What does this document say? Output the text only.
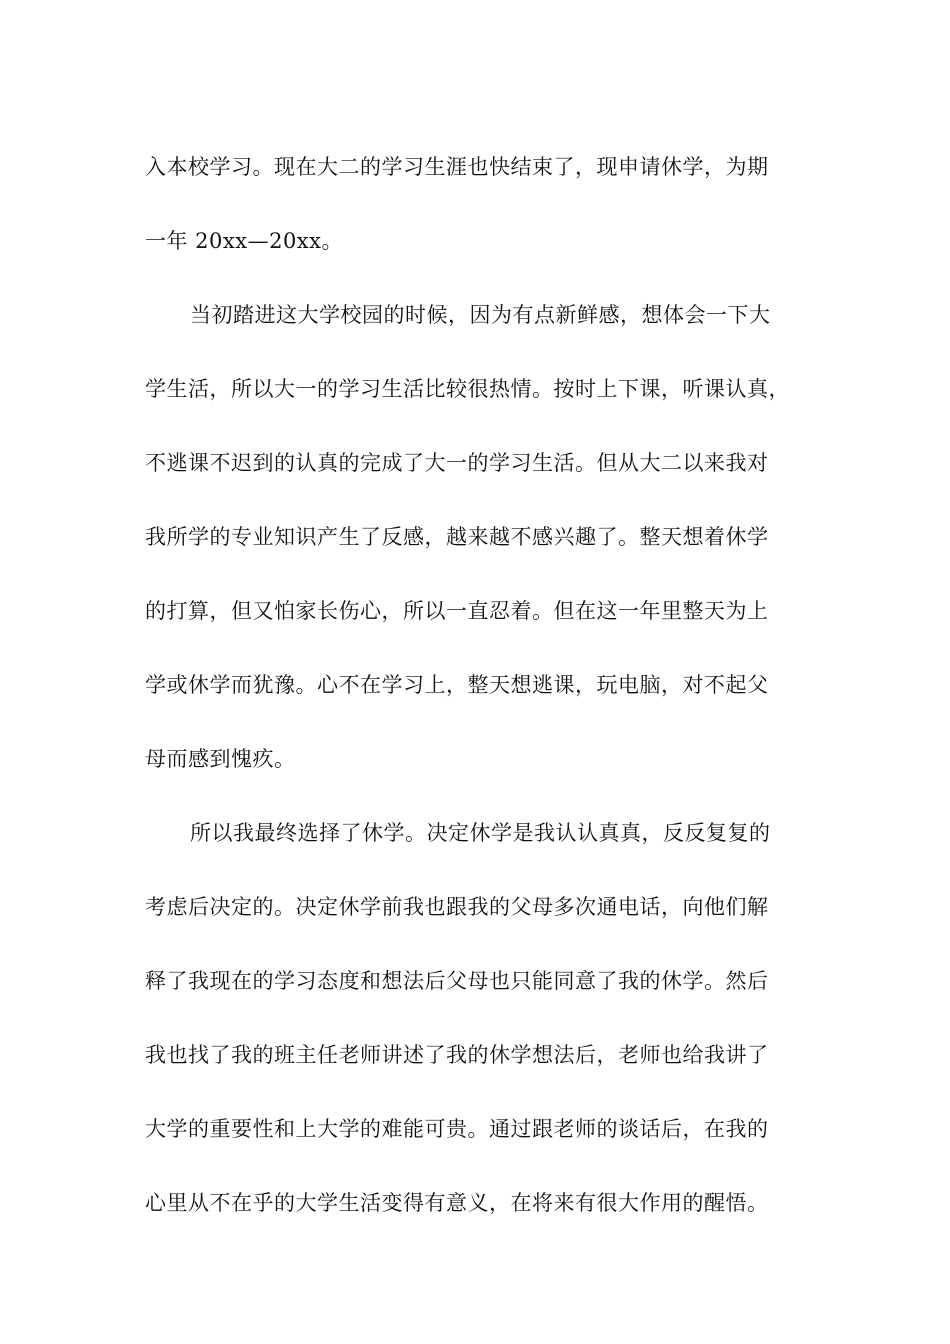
入本校学习。现在大二的学习生涯也快结束了，现申请休学，为期
一年 20xx—20xx。
当初踏进这大学校园的时候，因为有点新鲜感，想体会一下大
学生活，所以大一的学习生活比较很热情。按时上下课，听课认真，
不逃课不迟到的认真的完成了大一的学习生活。但从大二以来我对
我所学的专业知识产生了反感，越来越不感兴趣了。整天想着休学
的打算，但又怕家长伤心，所以一直忍着。但在这一年里整天为上
学或休学而犹豫。心不在学习上，整天想逃课，玩电脑，对不起父
母而感到愧疚。
所以我最终选择了休学。决定休学是我认认真真，反反复复的
考虑后决定的。决定休学前我也跟我的父母多次通电话，向他们解
释了我现在的学习态度和想法后父母也只能同意了我的休学。然后
我也找了我的班主任老师讲述了我的休学想法后，老师也给我讲了
大学的重要性和上大学的难能可贵。通过跟老师的谈话后，在我的
心里从不在乎的大学生活变得有意义，在将来有很大作用的醒悟。
